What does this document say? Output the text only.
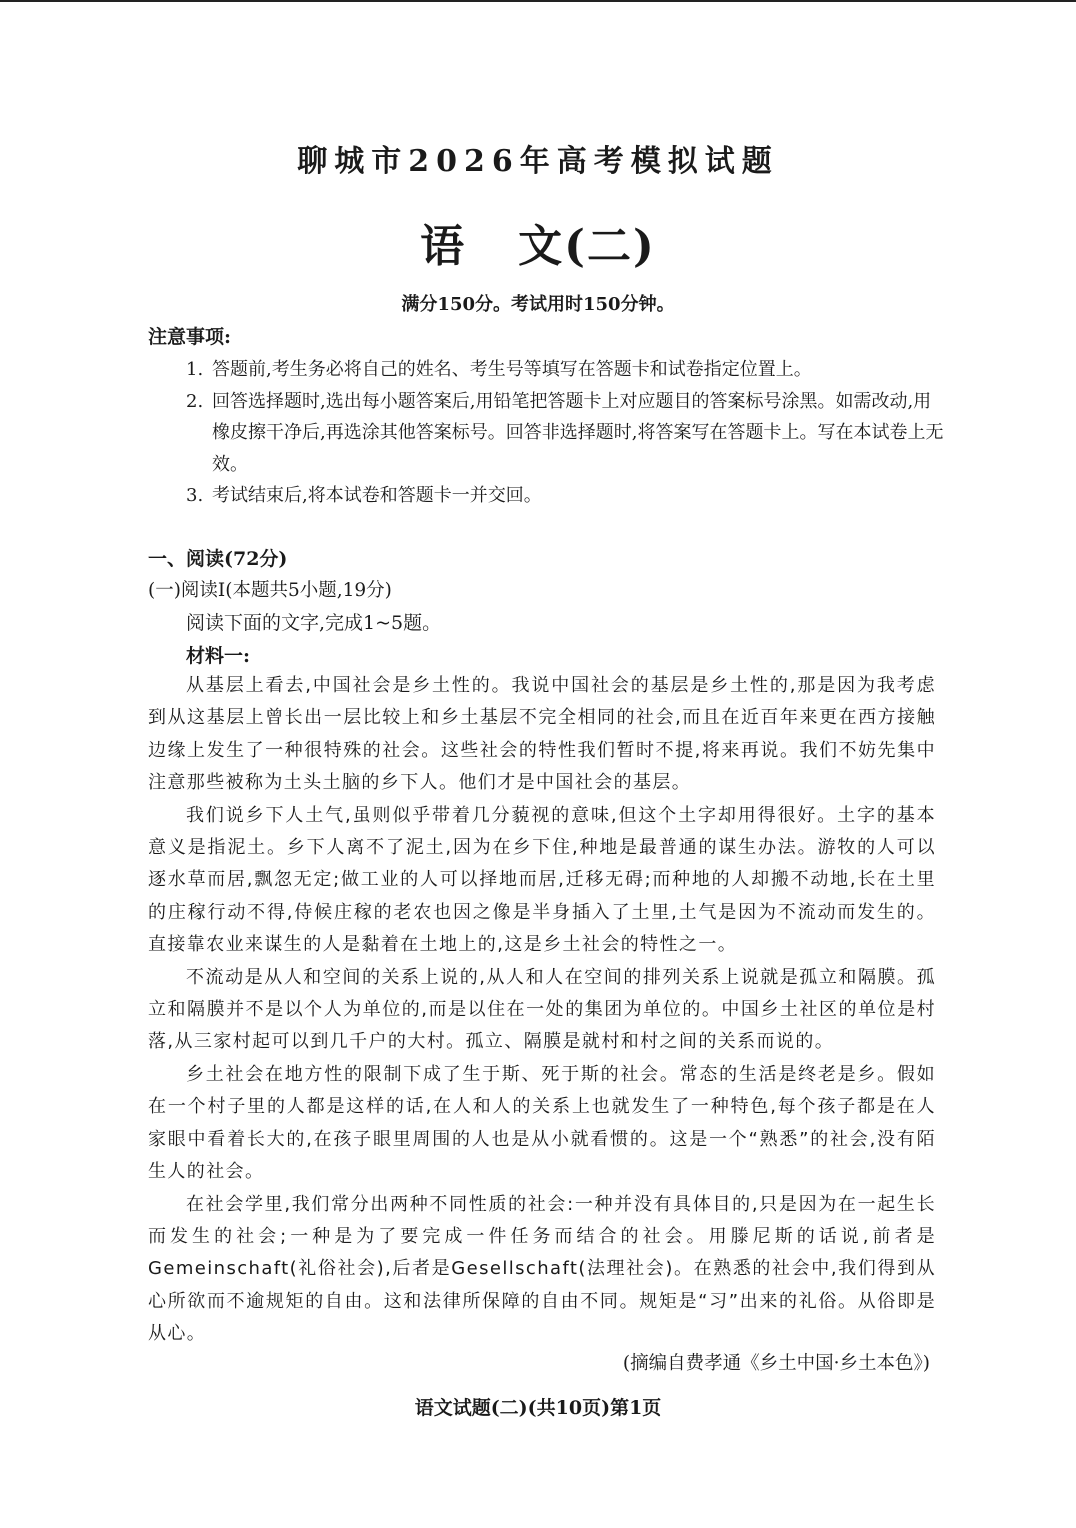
聊城市2026年高考模拟试题
语 文(二)
满分150分。考试用时150分钟。
注意事项:
1. 答题前,考生务必将自己的姓名、考生号等填写在答题卡和试卷指定位置上。
2. 回答选择题时,选出每小题答案后,用铅笔把答题卡上对应题目的答案标号涂黑。如需改动,用橡皮擦干净后,再选涂其他答案标号。回答非选择题时,将答案写在答题卡上。写在本试卷上无效。
3. 考试结束后,将本试卷和答题卡一并交回。
一、阅读(72分)
(一)阅读Ⅰ(本题共5小题,19分)
阅读下面的文字,完成1~5题。
材料一:

从基层上看去,中国社会是乡土性的。我说中国社会的基层是乡土性的,那是因为我考虑到从这基层上曾长出一层比较上和乡土基层不完全相同的社会,而且在近百年来更在西方接触边缘上发生了一种很特殊的社会。这些社会的特性我们暂时不提,将来再说。我们不妨先集中注意那些被称为土头土脑的乡下人。他们才是中国社会的基层。

我们说乡下人土气,虽则似乎带着几分藐视的意味,但这个土字却用得很好。土字的基本意义是指泥土。乡下人离不了泥土,因为在乡下住,种地是最普通的谋生办法。游牧的人可以逐水草而居,飘忽无定;做工业的人可以择地而居,迁移无碍;而种地的人却搬不动地,长在土里的庄稼行动不得,侍候庄稼的老农也因之像是半身插入了土里,土气是因为不流动而发生的。直接靠农业来谋生的人是黏着在土地上的,这是乡土社会的特性之一。

不流动是从人和空间的关系上说的,从人和人在空间的排列关系上说就是孤立和隔膜。孤立和隔膜并不是以个人为单位的,而是以住在一处的集团为单位的。中国乡土社区的单位是村落,从三家村起可以到几千户的大村。孤立、隔膜是就村和村之间的关系而说的。

乡土社会在地方性的限制下成了生于斯、死于斯的社会。常态的生活是终老是乡。假如在一个村子里的人都是这样的话,在人和人的关系上也就发生了一种特色,每个孩子都是在人家眼中看着长大的,在孩子眼里周围的人也是从小就看惯的。这是一个“熟悉”的社会,没有陌生人的社会。

在社会学里,我们常分出两种不同性质的社会:一种并没有具体目的,只是因为在一起生长而发生的社会;一种是为了要完成一件任务而结合的社会。用滕尼斯的话说,前者是Gemeinschaft(礼俗社会),后者是Gesellschaft(法理社会)。在熟悉的社会中,我们得到从心所欲而不逾规矩的自由。这和法律所保障的自由不同。规矩是“习”出来的礼俗。从俗即是从心。

(摘编自费孝通《乡土中国·乡土本色》)
语文试题(二)(共10页)第1页
